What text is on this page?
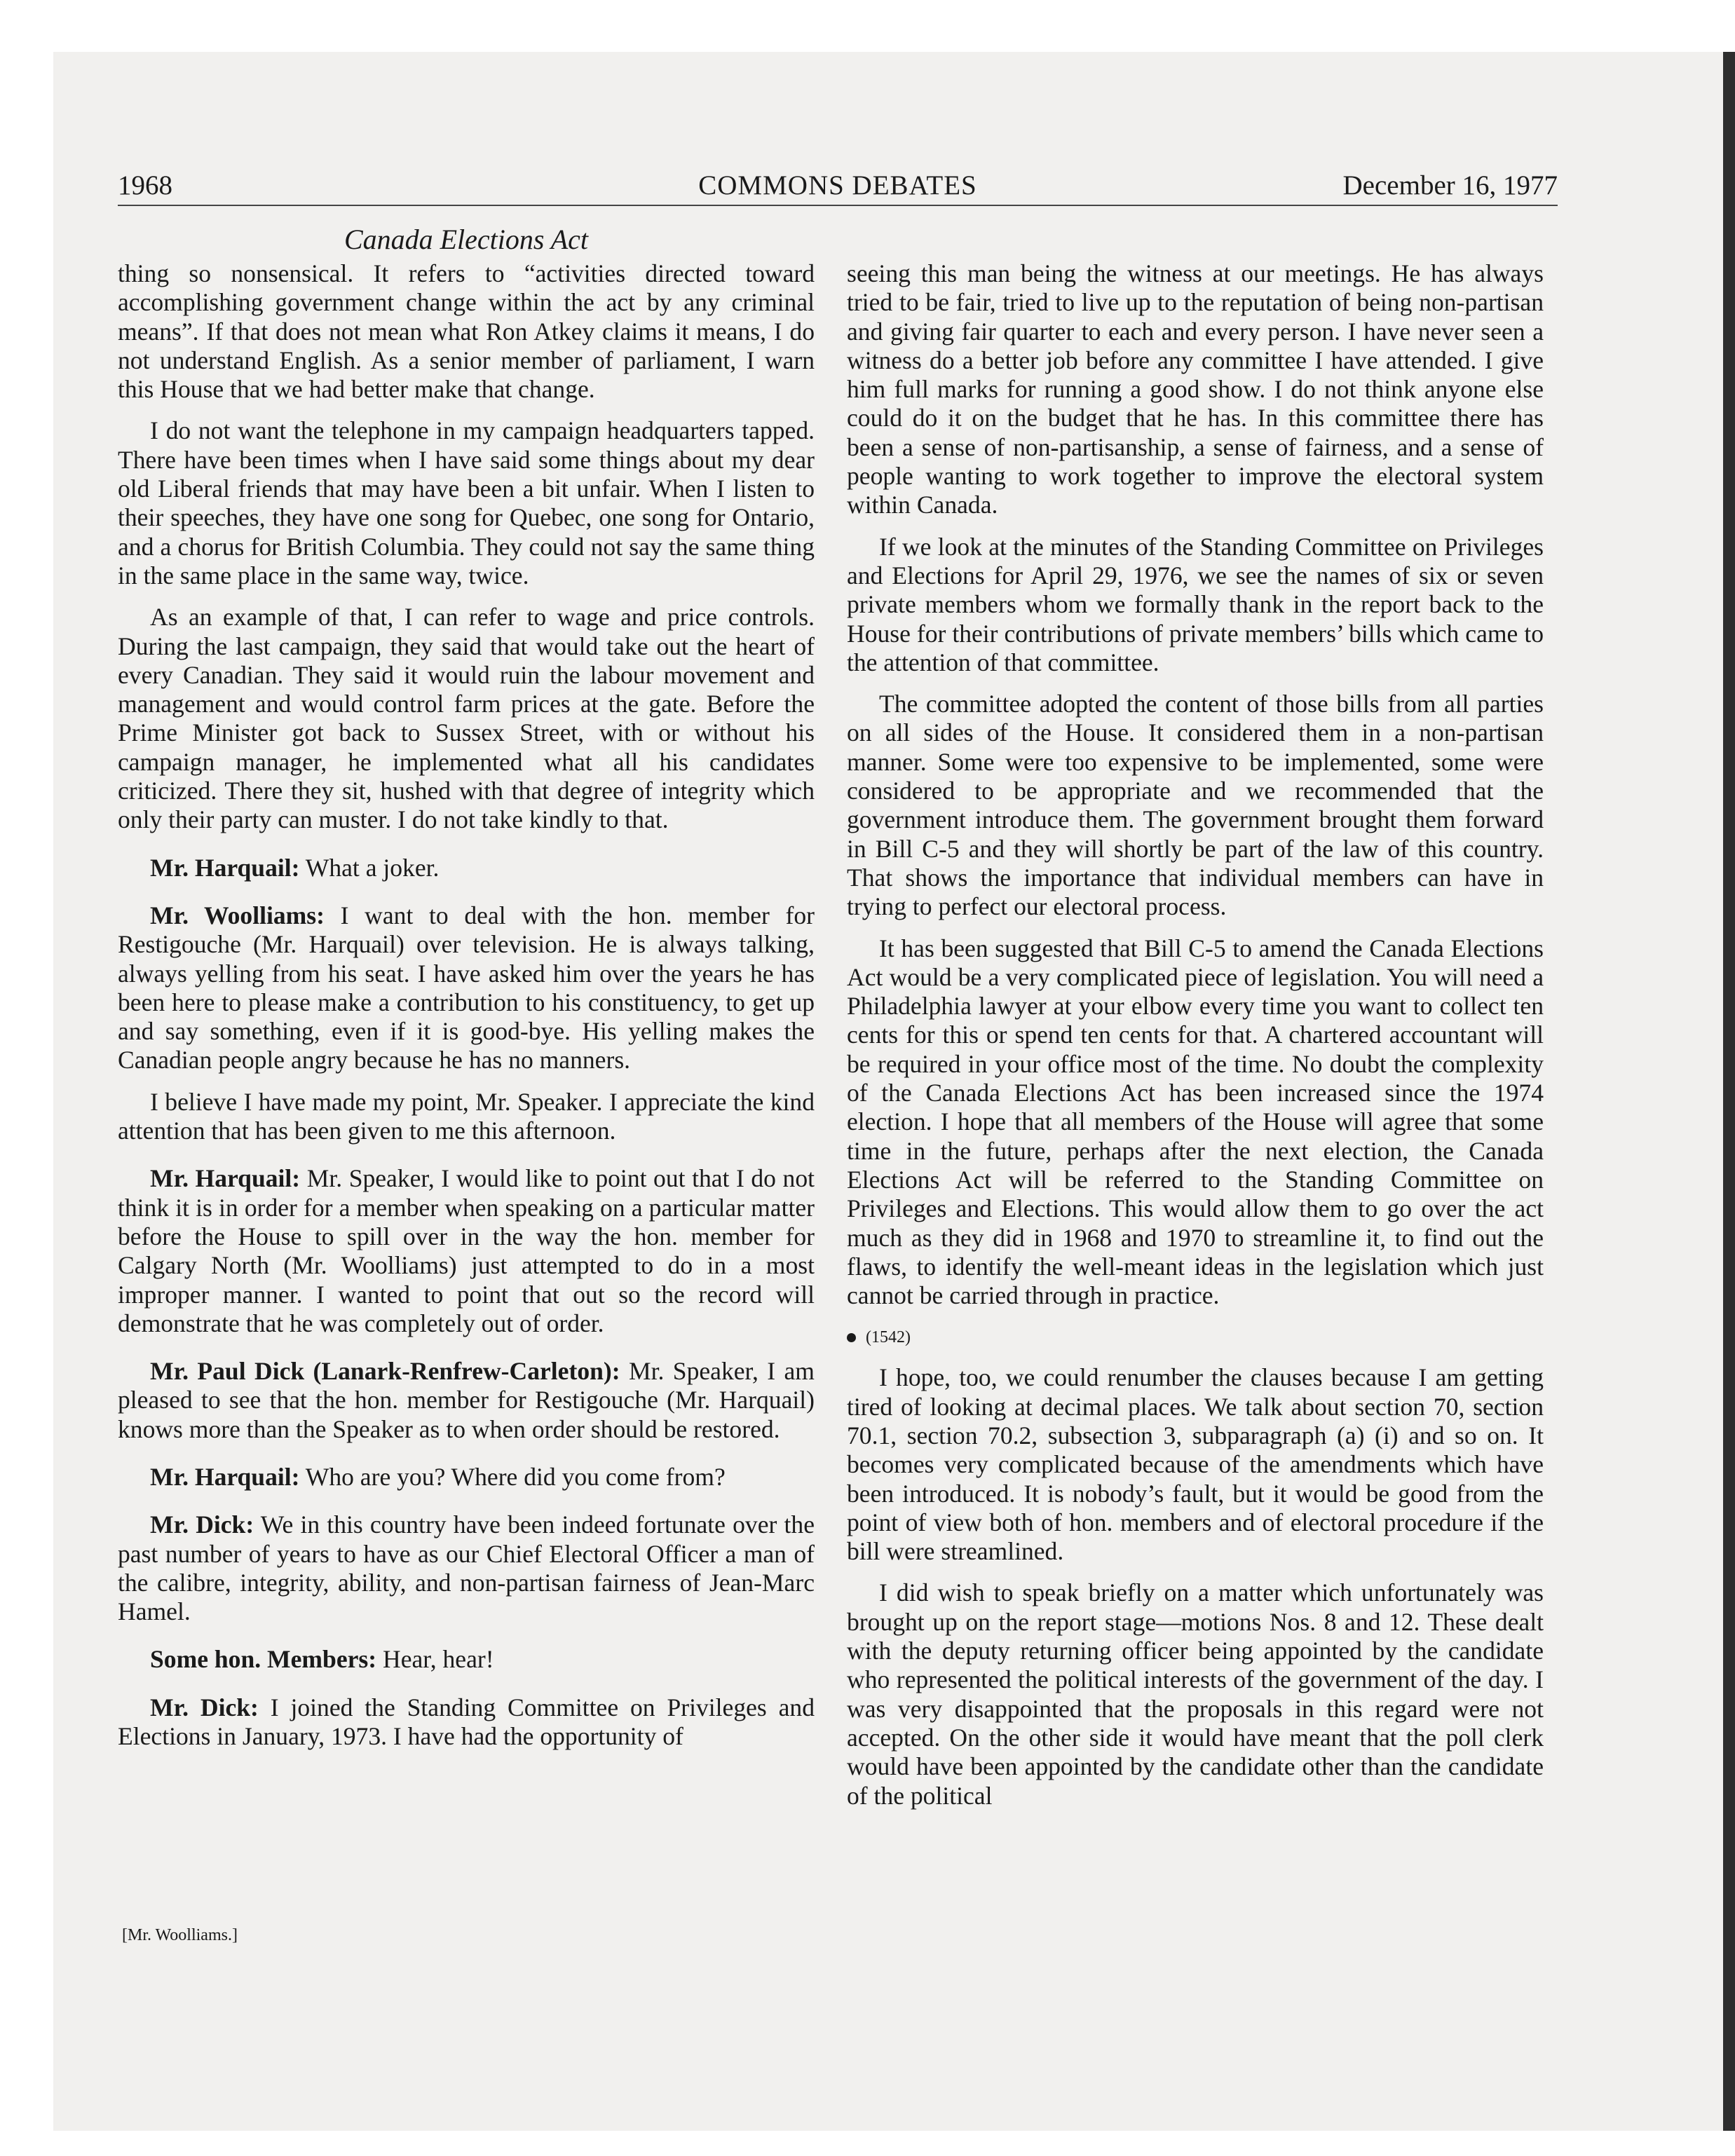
1968	COMMONS DEBATES	December 16, 1977
Canada Elections Act

thing so nonsensical. It refers to “activities directed toward accomplishing government change within the act by any criminal means”. If that does not mean what Ron Atkey claims it means, I do not understand English. As a senior member of parliament, I warn this House that we had better make that change.

I do not want the telephone in my campaign headquarters tapped. There have been times when I have said some things about my dear old Liberal friends that may have been a bit unfair. When I listen to their speeches, they have one song for Quebec, one song for Ontario, and a chorus for British Columbia. They could not say the same thing in the same place in the same way, twice.

As an example of that, I can refer to wage and price controls. During the last campaign, they said that would take out the heart of every Canadian. They said it would ruin the labour movement and management and would control farm prices at the gate. Before the Prime Minister got back to Sussex Street, with or without his campaign manager, he implemented what all his candidates criticized. There they sit, hushed with that degree of integrity which only their party can muster. I do not take kindly to that.

Mr. Harquail: What a joker.

Mr. Woolliams: I want to deal with the hon. member for Restigouche (Mr. Harquail) over television. He is always talking, always yelling from his seat. I have asked him over the years he has been here to please make a contribution to his constituency, to get up and say something, even if it is good-bye. His yelling makes the Canadian people angry because he has no manners.

I believe I have made my point, Mr. Speaker. I appreciate the kind attention that has been given to me this afternoon.

Mr. Harquail: Mr. Speaker, I would like to point out that I do not think it is in order for a member when speaking on a particular matter before the House to spill over in the way the hon. member for Calgary North (Mr. Woolliams) just attempted to do in a most improper manner. I wanted to point that out so the record will demonstrate that he was completely out of order.

Mr. Paul Dick (Lanark-Renfrew-Carleton): Mr. Speaker, I am pleased to see that the hon. member for Restigouche (Mr. Harquail) knows more than the Speaker as to when order should be restored.

Mr. Harquail: Who are you? Where did you come from?

Mr. Dick: We in this country have been indeed fortunate over the past number of years to have as our Chief Electoral Officer a man of the calibre, integrity, ability, and non-partisan fairness of Jean-Marc Hamel.

Some hon. Members: Hear, hear!

Mr. Dick: I joined the Standing Committee on Privileges and Elections in January, 1973. I have had the opportunity of

seeing this man being the witness at our meetings. He has always tried to be fair, tried to live up to the reputation of being non-partisan and giving fair quarter to each and every person. I have never seen a witness do a better job before any committee I have attended. I give him full marks for running a good show. I do not think anyone else could do it on the budget that he has. In this committee there has been a sense of non-partisanship, a sense of fairness, and a sense of people wanting to work together to improve the electoral system within Canada.

If we look at the minutes of the Standing Committee on Privileges and Elections for April 29, 1976, we see the names of six or seven private members whom we formally thank in the report back to the House for their contributions of private members’ bills which came to the attention of that committee.

The committee adopted the content of those bills from all parties on all sides of the House. It considered them in a non-partisan manner. Some were too expensive to be implemented, some were considered to be appropriate and we recommended that the government introduce them. The government brought them forward in Bill C-5 and they will shortly be part of the law of this country. That shows the importance that individual members can have in trying to perfect our electoral process.

It has been suggested that Bill C-5 to amend the Canada Elections Act would be a very complicated piece of legislation. You will need a Philadelphia lawyer at your elbow every time you want to collect ten cents for this or spend ten cents for that. A chartered accountant will be required in your office most of the time. No doubt the complexity of the Canada Elections Act has been increased since the 1974 election. I hope that all members of the House will agree that some time in the future, perhaps after the next election, the Canada Elections Act will be referred to the Standing Committee on Privileges and Elections. This would allow them to go over the act much as they did in 1968 and 1970 to streamline it, to find out the flaws, to identify the well-meant ideas in the legislation which just cannot be carried through in practice.

(1542)

I hope, too, we could renumber the clauses because I am getting tired of looking at decimal places. We talk about section 70, section 70.1, section 70.2, subsection 3, subparagraph (a) (i) and so on. It becomes very complicated because of the amendments which have been introduced. It is nobody’s fault, but it would be good from the point of view both of hon. members and of electoral procedure if the bill were streamlined.

I did wish to speak briefly on a matter which unfortunately was brought up on the report stage—motions Nos. 8 and 12. These dealt with the deputy returning officer being appointed by the candidate who represented the political interests of the government of the day. I was very disappointed that the proposals in this regard were not accepted. On the other side it would have meant that the poll clerk would have been appointed by the candidate other than the candidate of the political

[Mr. Woolliams.]
